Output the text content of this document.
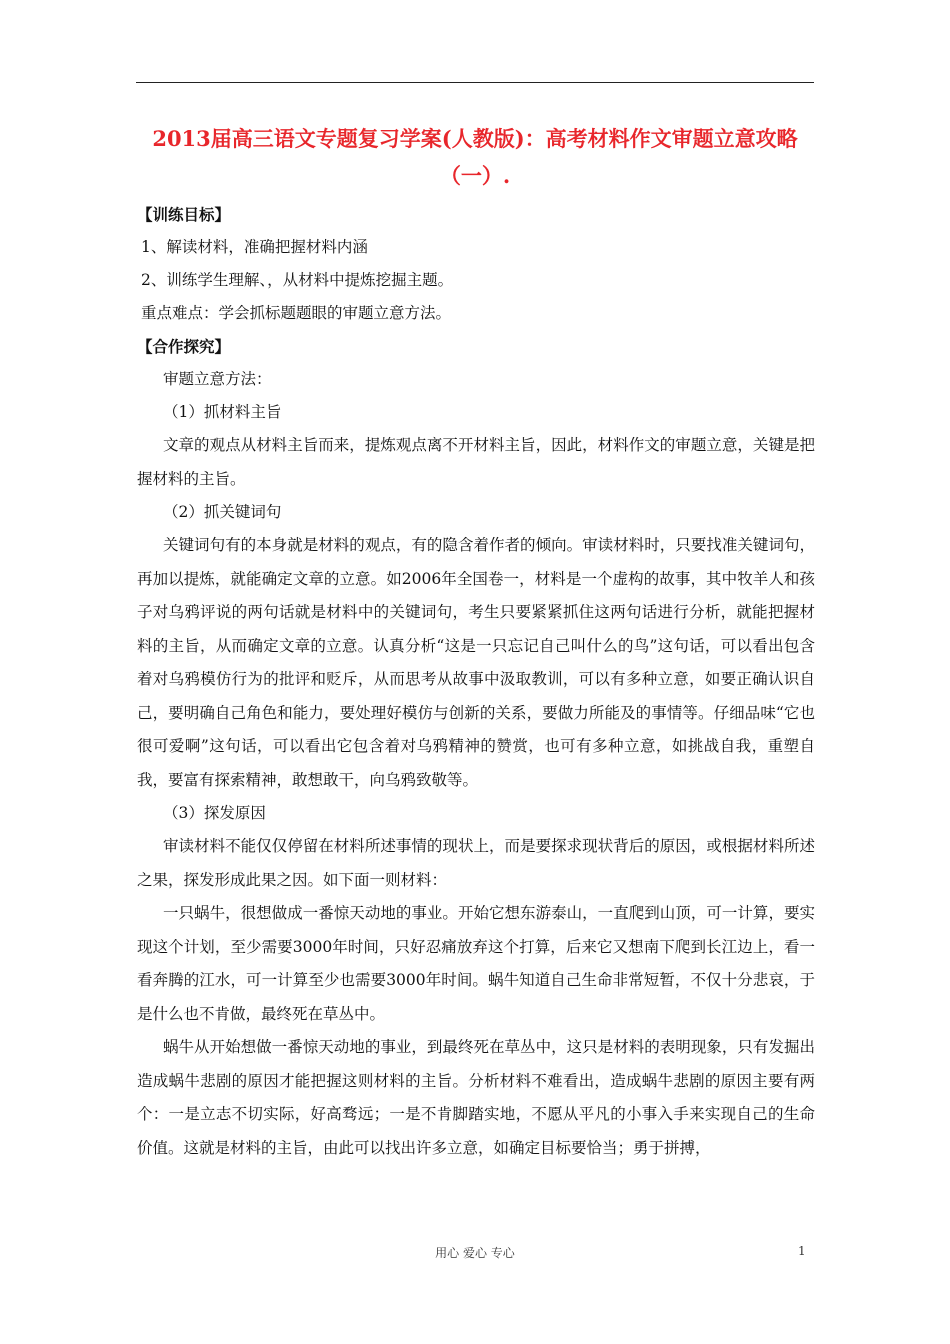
2013届高三语文专题复习学案(人教版)：高考材料作文审题立意攻略（一）.

【训练目标】

1、解读材料，准确把握材料内涵

2、训练学生理解、，从材料中提炼挖掘主题。

重点难点：学会抓标题题眼的审题立意方法。

【合作探究】

审题立意方法：

（1）抓材料主旨

文章的观点从材料主旨而来，提炼观点离不开材料主旨，因此，材料作文的审题立意，关键是把握材料的主旨。

（2）抓关键词句

关键词句有的本身就是材料的观点，有的隐含着作者的倾向。审读材料时，只要找准关键词句，再加以提炼，就能确定文章的立意。如2006年全国卷一，材料是一个虚构的故事，其中牧羊人和孩子对乌鸦评说的两句话就是材料中的关键词句，考生只要紧紧抓住这两句话进行分析，就能把握材料的主旨，从而确定文章的立意。认真分析“这是一只忘记自己叫什么的鸟”这句话，可以看出包含着对乌鸦模仿行为的批评和贬斥，从而思考从故事中汲取教训，可以有多种立意，如要正确认识自己，要明确自己角色和能力，要处理好模仿与创新的关系，要做力所能及的事情等。仔细品味“它也很可爱啊”这句话，可以看出它包含着对乌鸦精神的赞赏，也可有多种立意，如挑战自我，重塑自我，要富有探索精神，敢想敢干，向乌鸦致敬等。

（3）探发原因

审读材料不能仅仅停留在材料所述事情的现状上，而是要探求现状背后的原因，或根据材料所述之果，探发形成此果之因。如下面一则材料：

一只蜗牛，很想做成一番惊天动地的事业。开始它想东游泰山，一直爬到山顶，可一计算，要实现这个计划，至少需要3000年时间，只好忍痛放弃这个打算，后来它又想南下爬到长江边上，看一看奔腾的江水，可一计算至少也需要3000年时间。蜗牛知道自己生命非常短暂，不仅十分悲哀，于是什么也不肯做，最终死在草丛中。

蜗牛从开始想做一番惊天动地的事业，到最终死在草丛中，这只是材料的表明现象，只有发掘出造成蜗牛悲剧的原因才能把握这则材料的主旨。分析材料不难看出，造成蜗牛悲剧的原因主要有两个：一是立志不切实际，好高骛远；一是不肯脚踏实地，不愿从平凡的小事入手来实现自己的生命价值。这就是材料的主旨，由此可以找出许多立意，如确定目标要恰当；勇于拼搏，

用心 爱心 专心	1
